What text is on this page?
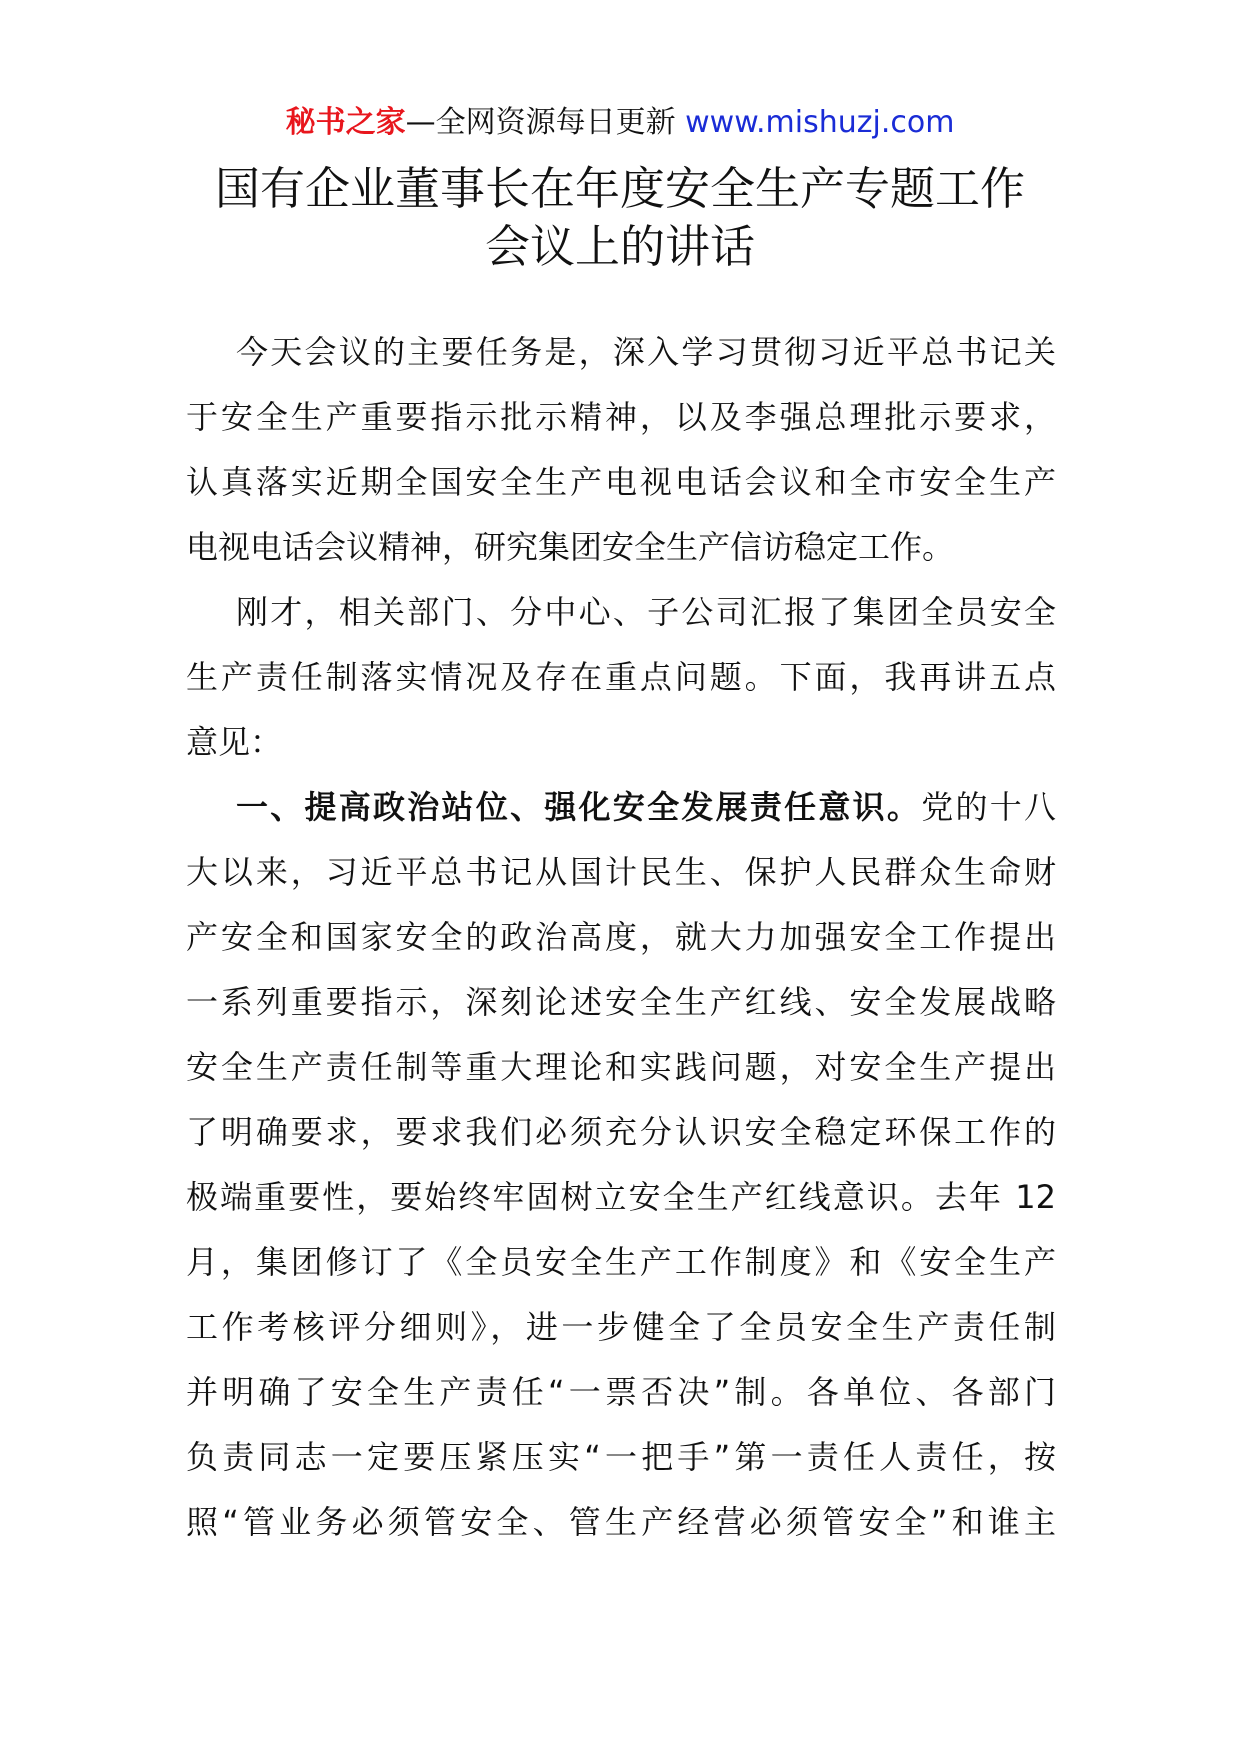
秘书之家—全网资源每日更新 www.mishuzj.com
国有企业董事长在年度安全生产专题工作
会议上的讲话
今天会议的主要任务是，深入学习贯彻习近平总书记关
于安全生产重要指示批示精神，以及李强总理批示要求，
认真落实近期全国安全生产电视电话会议和全市安全生产
电视电话会议精神，研究集团安全生产信访稳定工作。
刚才，相关部门、分中心、子公司汇报了集团全员安全
生产责任制落实情况及存在重点问题。下面，我再讲五点
意见：
一、提高政治站位、强化安全发展责任意识。党的十八
大以来，习近平总书记从国计民生、保护人民群众生命财
产安全和国家安全的政治高度，就大力加强安全工作提出
一系列重要指示，深刻论述安全生产红线、安全发展战略
安全生产责任制等重大理论和实践问题，对安全生产提出
了明确要求，要求我们必须充分认识安全稳定环保工作的
极端重要性，要始终牢固树立安全生产红线意识。去年 12
月，集团修订了《全员安全生产工作制度》和《安全生产
工作考核评分细则》，进一步健全了全员安全生产责任制
并明确了安全生产责任“一票否决”制。各单位、各部门
负责同志一定要压紧压实“一把手”第一责任人责任，按
照“管业务必须管安全、管生产经营必须管安全”和谁主
